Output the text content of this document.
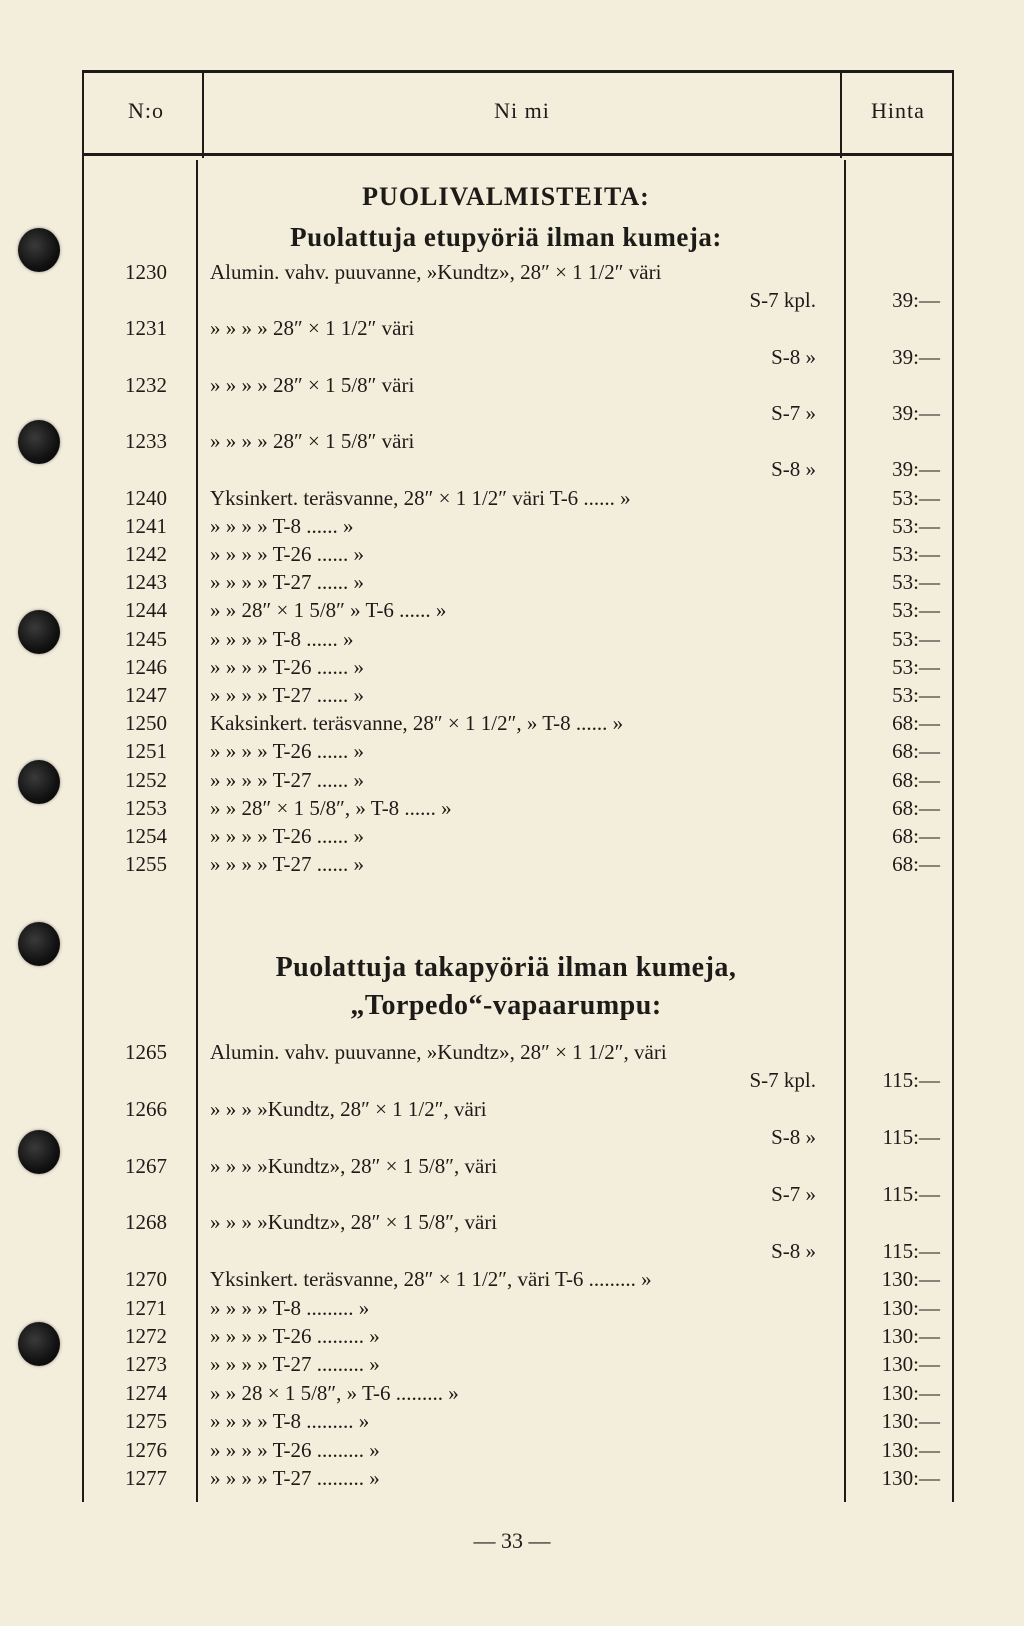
N:o	Ni mi	Hinta
PUOLIVALMISTEITA:
Puolattuja etupyöriä ilman kumeja:
1230	Alumin. vahv. puuvanne, »Kundtz», 28″ × 1 1/2″ väri
S-7 kpl.	39:—
1231	» » » » 28″ × 1 1/2″ väri
S-8 »	39:—
1232	» » » » 28″ × 1 5/8″ väri
S-7 »	39:—
1233	» » » » 28″ × 1 5/8″ väri
S-8 »	39:—
1240	Yksinkert. teräsvanne, 28″ × 1 1/2″ väri T-6 ...... »	53:—
1241	» » » » T-8 ...... »	53:—
1242	» » » » T-26 ...... »	53:—
1243	» » » » T-27 ...... »	53:—
1244	» » 28″ × 1 5/8″ » T-6 ...... »	53:—
1245	» » » » T-8 ...... »	53:—
1246	» » » » T-26 ...... »	53:—
1247	» » » » T-27 ...... »	53:—
1250	Kaksinkert. teräsvanne, 28″ × 1 1/2″, » T-8 ...... »	68:—
1251	» » » » T-26 ...... »	68:—
1252	» » » » T-27 ...... »	68:—
1253	» » 28″ × 1 5/8″, » T-8 ...... »	68:—
1254	» » » » T-26 ...... »	68:—
1255	» » » » T-27 ...... »	68:—
Puolattuja takapyöriä ilman kumeja,
„Torpedo“-vapaarumpu:
1265	Alumin. vahv. puuvanne, »Kundtz», 28″ × 1 1/2″, väri
S-7 kpl.	115:—
1266	» » » »Kundtz, 28″ × 1 1/2″, väri
S-8 »	115:—
1267	» » » »Kundtz», 28″ × 1 5/8″, väri
S-7 »	115:—
1268	» » » »Kundtz», 28″ × 1 5/8″, väri
S-8 »	115:—
1270	Yksinkert. teräsvanne, 28″ × 1 1/2″, väri T-6 ......... »	130:—
1271	» » » » T-8 ......... »	130:—
1272	» » » » T-26 ......... »	130:—
1273	» » » » T-27 ......... »	130:—
1274	» » 28 × 1 5/8″, » T-6 ......... »	130:—
1275	» » » » T-8 ......... »	130:—
1276	» » » » T-26 ......... »	130:—
1277	» » » » T-27 ......... »	130:—
— 33 —
